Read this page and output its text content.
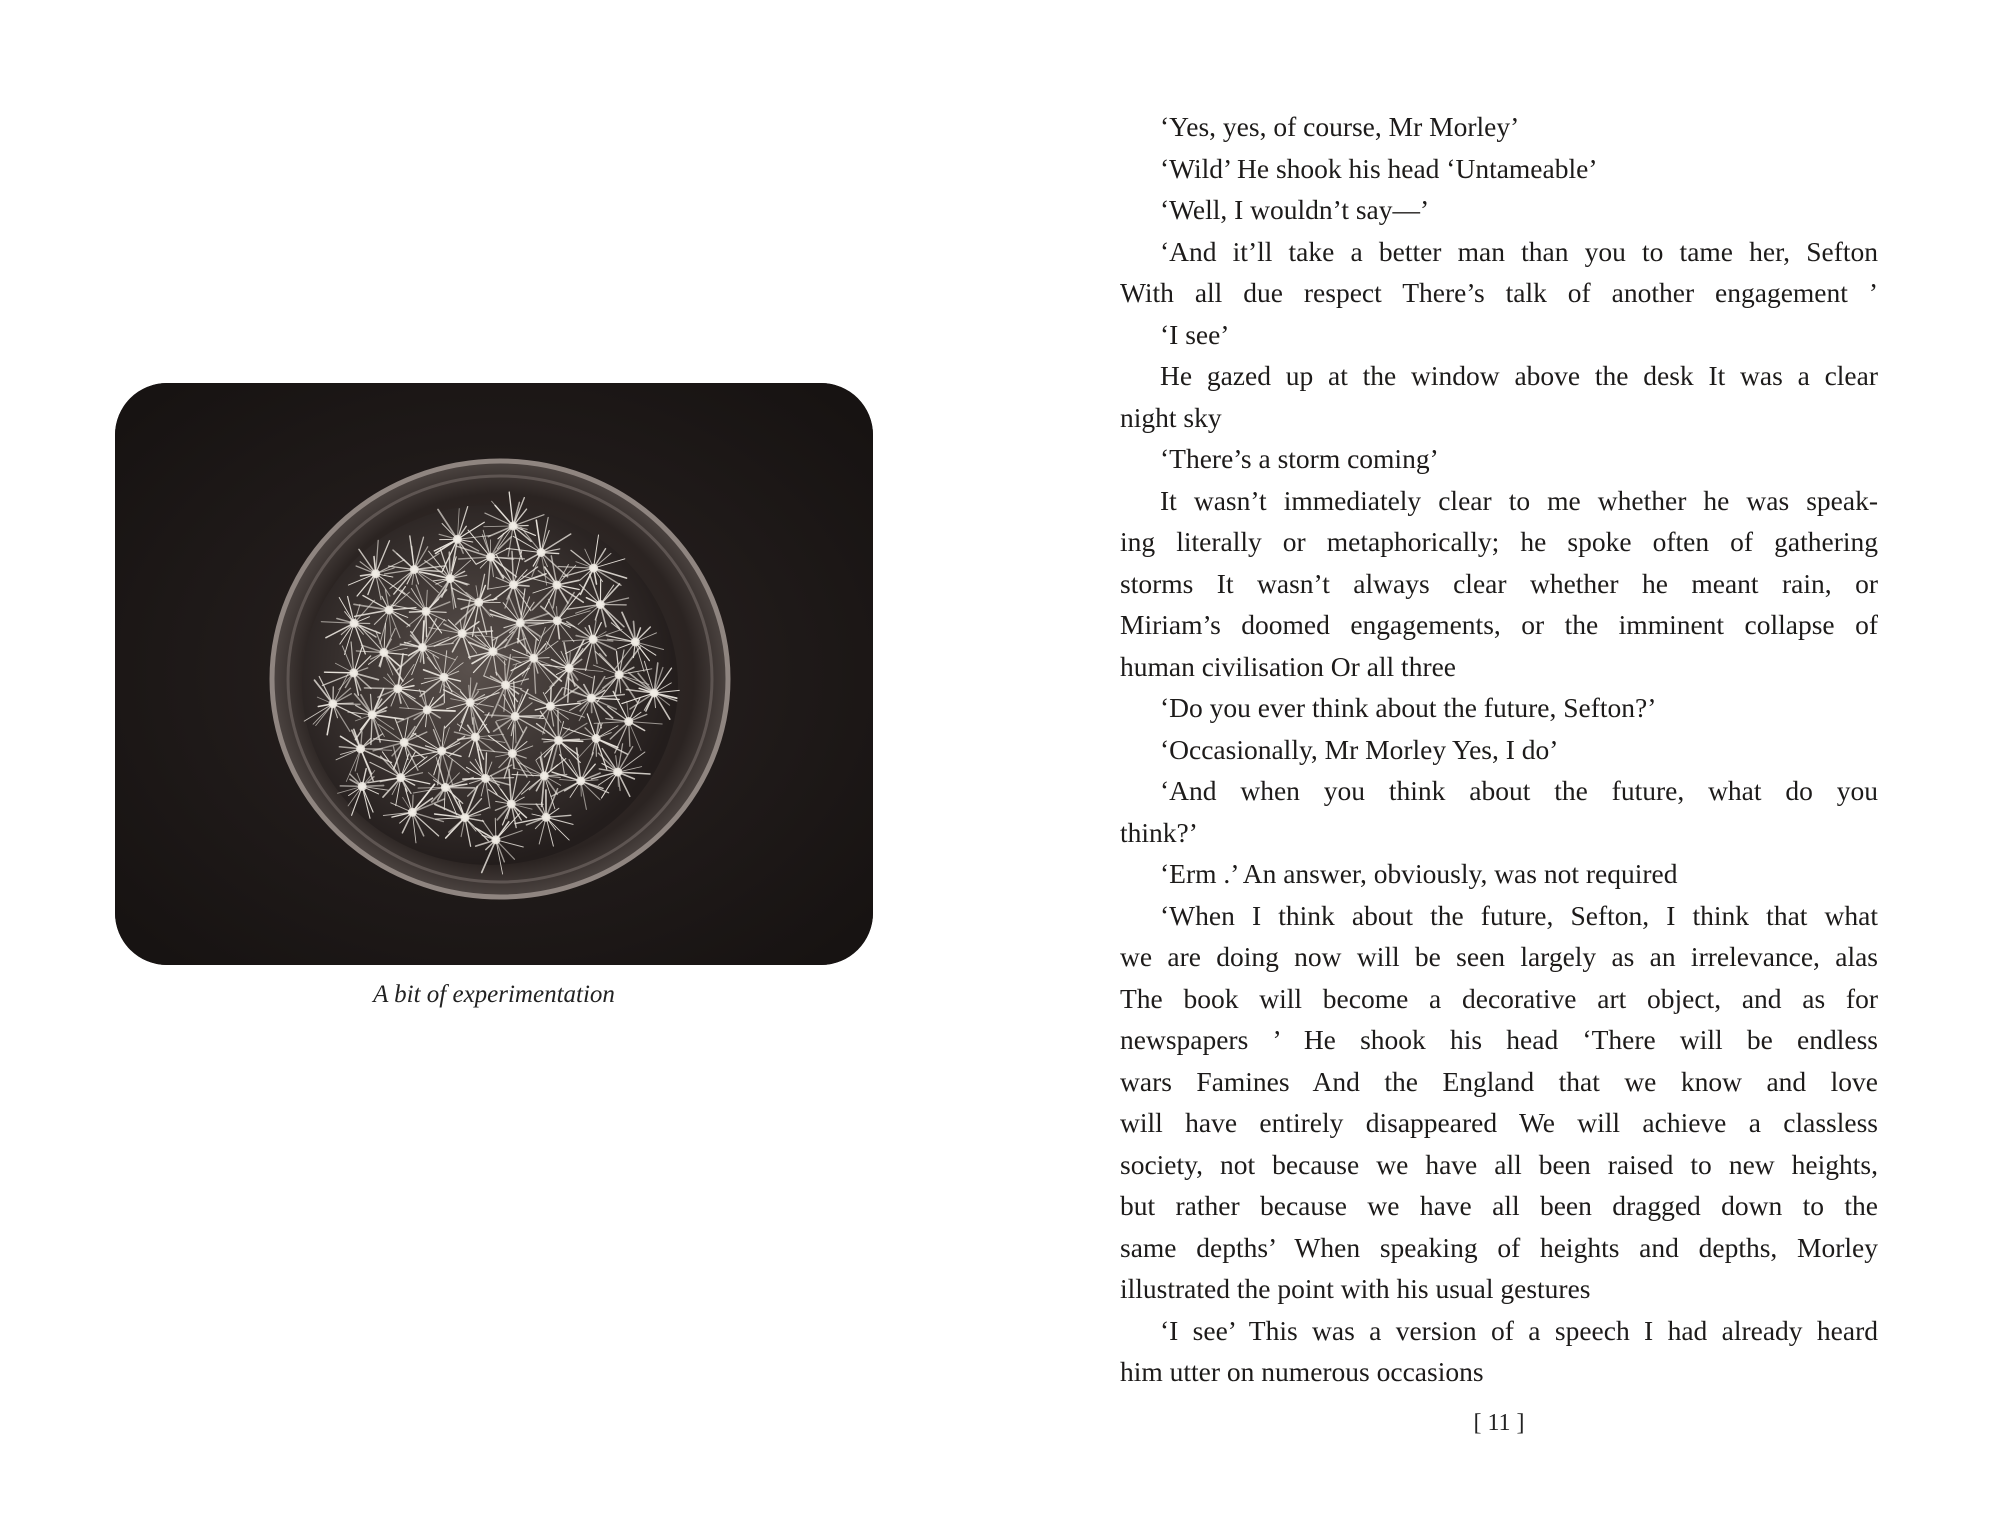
A bit of experimentation
‘Yes, yes, of course, Mr Morley’
‘Wild’ He shook his head ‘Untameable’
‘Well, I wouldn’t say—’
‘And it’ll take a better man than you to tame her, Sefton
With all due respect There’s talk of another engagement ’
‘I see’
He gazed up at the window above the desk It was a clear
night sky
‘There’s a storm coming’
It wasn’t immediately clear to me whether he was speak-
ing literally or metaphorically; he spoke often of gathering
storms It wasn’t always clear whether he meant rain, or
Miriam’s doomed engagements, or the imminent collapse of
human civilisation Or all three
‘Do you ever think about the future, Sefton?’
‘Occasionally, Mr Morley Yes, I do’
‘And when you think about the future, what do you
think?’
‘Erm .’ An answer, obviously, was not required
‘When I think about the future, Sefton, I think that what
we are doing now will be seen largely as an irrelevance, alas
The book will become a decorative art object, and as for
newspapers ’ He shook his head ‘There will be endless
wars Famines And the England that we know and love
will have entirely disappeared We will achieve a classless
society, not because we have all been raised to new heights,
but rather because we have all been dragged down to the
same depths’ When speaking of heights and depths, Morley
illustrated the point with his usual gestures
‘I see’ This was a version of a speech I had already heard
him utter on numerous occasions
[ 11 ]
